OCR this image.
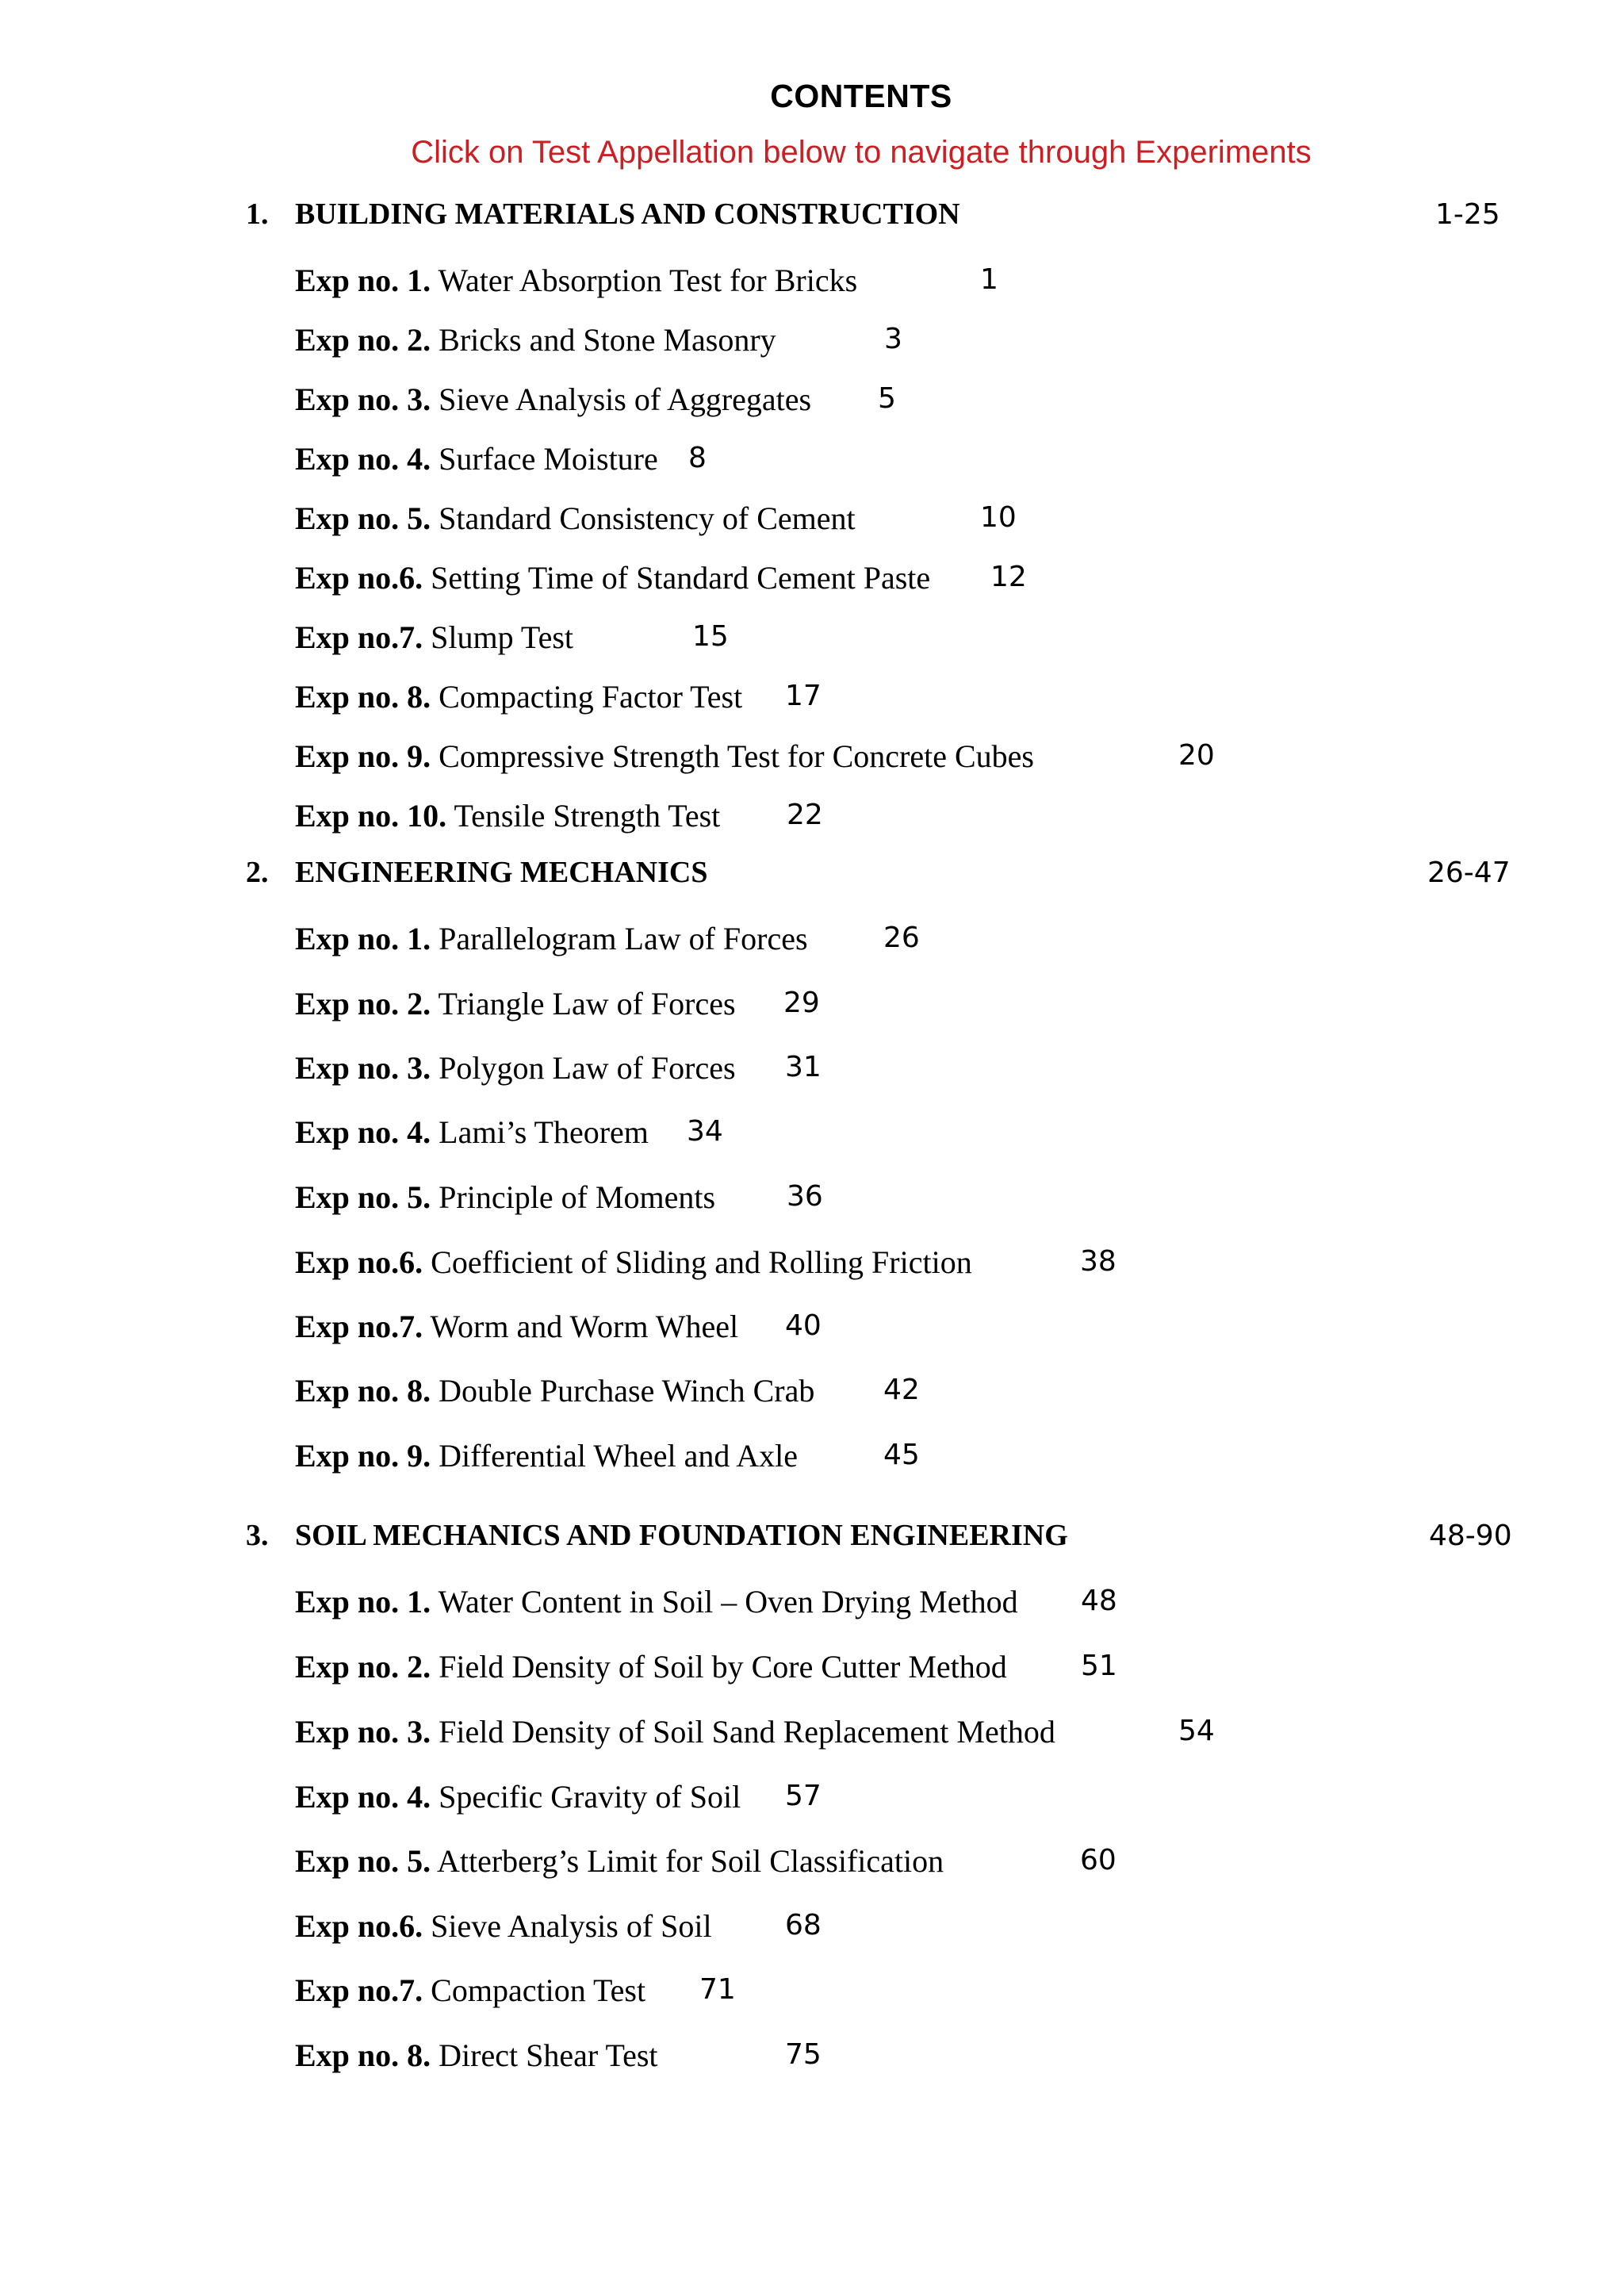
CONTENTS
Click on Test Appellation below to navigate through Experiments
1. BUILDING MATERIALS AND CONSTRUCTION	1-25
Exp no. 1. Water Absorption Test for Bricks	1
Exp no. 2. Bricks and Stone Masonry	3
Exp no. 3. Sieve Analysis of Aggregates 5
Exp no. 4. Surface Moisture 8
Exp no. 5. Standard Consistency of Cement	10
Exp no.6. Setting Time of Standard Cement Paste 12
Exp no.7. Slump Test	15
Exp no. 8. Compacting Factor Test 17
Exp no. 9. Compressive Strength Test for Concrete Cubes	20
Exp no. 10. Tensile Strength Test 22
2. ENGINEERING MECHANICS	26-47
Exp no. 1. Parallelogram Law of Forces	26
Exp no. 2. Triangle Law of Forces 29
Exp no. 3. Polygon Law of Forces 31
Exp no. 4. Lami’s Theorem 34
Exp no. 5. Principle of Moments 36
Exp no.6. Coefficient of Sliding and Rolling Friction	38
Exp no.7. Worm and Worm Wheel 40
Exp no. 8. Double Purchase Winch Crab 42
Exp no. 9. Differential Wheel and Axle	45
3. SOIL MECHANICS AND FOUNDATION ENGINEERING	48-90
Exp no. 1. Water Content in Soil – Oven Drying Method 48
Exp no. 2. Field Density of Soil by Core Cutter Method	51
Exp no. 3. Field Density of Soil Sand Replacement Method	54
Exp no. 4. Specific Gravity of Soil 57
Exp no. 5. Atterberg’s Limit for Soil Classification	60
Exp no.6. Sieve Analysis of Soil	68
Exp no.7. Compaction Test 71
Exp no. 8. Direct Shear Test	75
